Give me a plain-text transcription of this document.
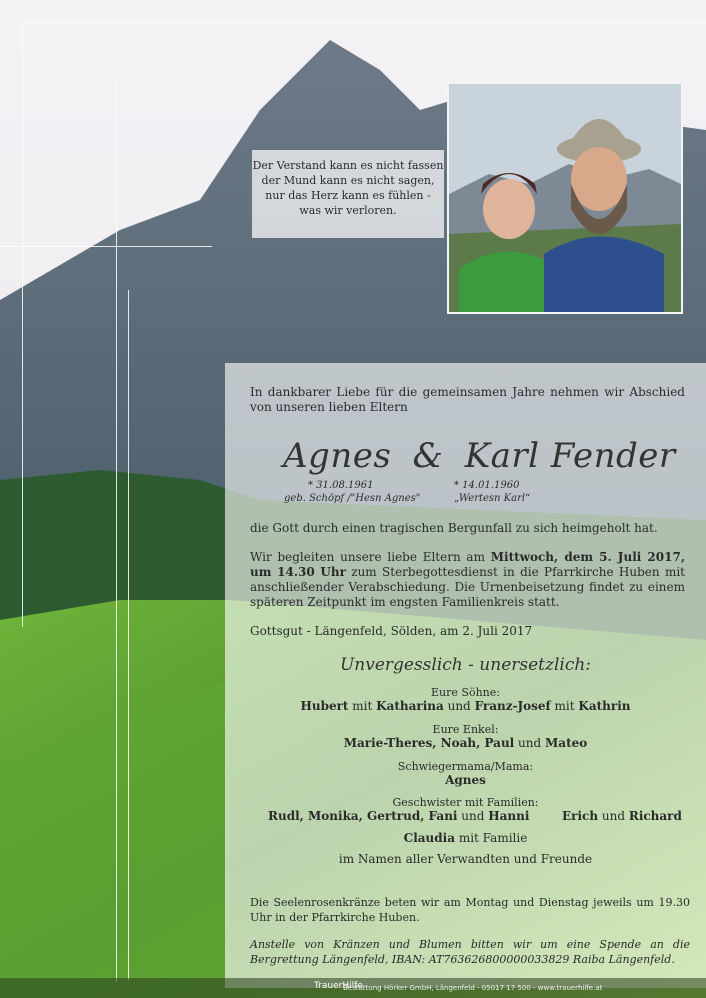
Der Verstand kann es nicht fassen
der Mund kann es nicht sagen,
nur das Herz kann es fühlen -
was wir verloren.
In dankbarer Liebe für die gemeinsamen Jahre nehmen wir Abschied von unseren lieben Eltern
Agnes & Karl Fender
* 31.08.1961
geb. Schöpf /"Hesn Agnes"
* 14.01.1960
„Wertesn Karl“
die Gott durch einen tragischen Bergunfall zu sich heimgeholt hat.
Wir begleiten unsere liebe Eltern am Mittwoch, dem 5. Juli 2017, um 14.30 Uhr zum Sterbegottesdienst in die Pfarrkirche Huben mit anschließender Verabschiedung. Die Urnenbeisetzung findet zu einem späteren Zeitpunkt im engsten Familienkreis statt.
Gottsgut - Längenfeld, Sölden, am 2. Juli 2017
Unvergesslich - unersetzlich:
Eure Söhne:
Hubert mit Katharina und Franz-Josef mit Kathrin
Eure Enkel:
Marie-Theres, Noah, Paul und Mateo
Schwiegermama/Mama:
Agnes
Geschwister mit Familien:
Rudl, Monika, Gertrud, Fani und Hanni	Erich und Richard
Claudia mit Familie
im Namen aller Verwandten und Freunde
Die Seelenrosenkränze beten wir am Montag und Dienstag jeweils um 19.30 Uhr in der Pfarrkirche Huben.
Anstelle von Kränzen und Blumen bitten wir um eine Spende an die Bergrettung Längenfeld, IBAN: AT763626800000033829 Raiba Längenfeld.
TrauerHilfe
Bestattung Hörker GmbH, Längenfeld - 05017 17 500 - www.trauerhilfe.at
